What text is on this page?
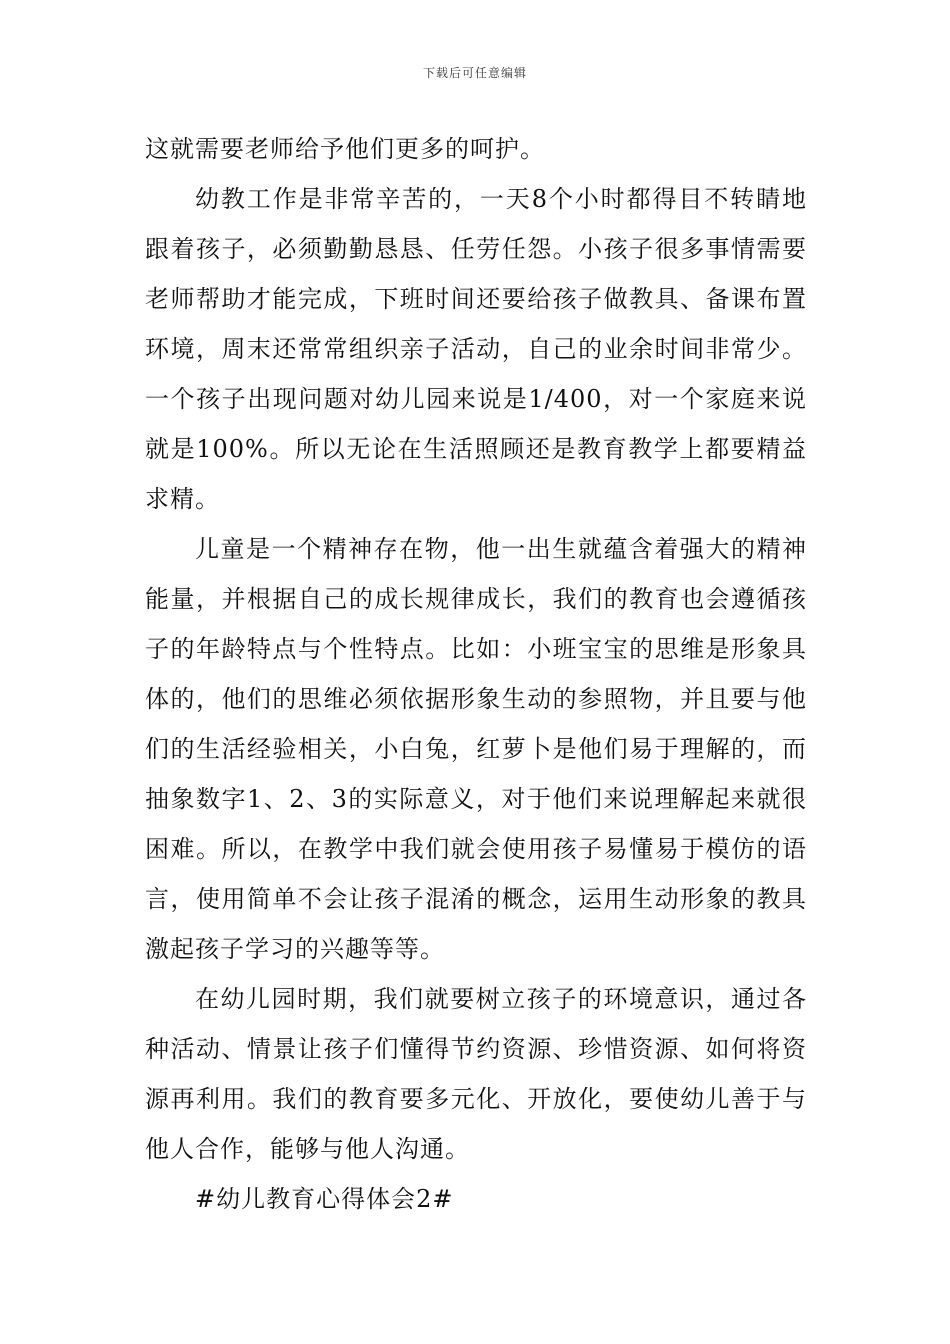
下载后可任意编辑

这就需要老师给予他们更多的呵护。

幼教工作是非常辛苦的，一天8个小时都得目不转睛地跟着孩子，必须勤勤恳恳、任劳任怨。小孩子很多事情需要老师帮助才能完成，下班时间还要给孩子做教具、备课布置环境，周末还常常组织亲子活动，自己的业余时间非常少。一个孩子出现问题对幼儿园来说是1/400，对一个家庭来说就是100%。所以无论在生活照顾还是教育教学上都要精益求精。

儿童是一个精神存在物，他一出生就蕴含着强大的精神能量，并根据自己的成长规律成长，我们的教育也会遵循孩子的年龄特点与个性特点。比如：小班宝宝的思维是形象具体的，他们的思维必须依据形象生动的参照物，并且要与他们的生活经验相关，小白兔，红萝卜是他们易于理解的，而抽象数字1、2、3的实际意义，对于他们来说理解起来就很困难。所以，在教学中我们就会使用孩子易懂易于模仿的语言，使用简单不会让孩子混淆的概念，运用生动形象的教具激起孩子学习的兴趣等等。

在幼儿园时期，我们就要树立孩子的环境意识，通过各种活动、情景让孩子们懂得节约资源、珍惜资源、如何将资源再利用。我们的教育要多元化、开放化，要使幼儿善于与他人合作，能够与他人沟通。

#幼儿教育心得体会2#
